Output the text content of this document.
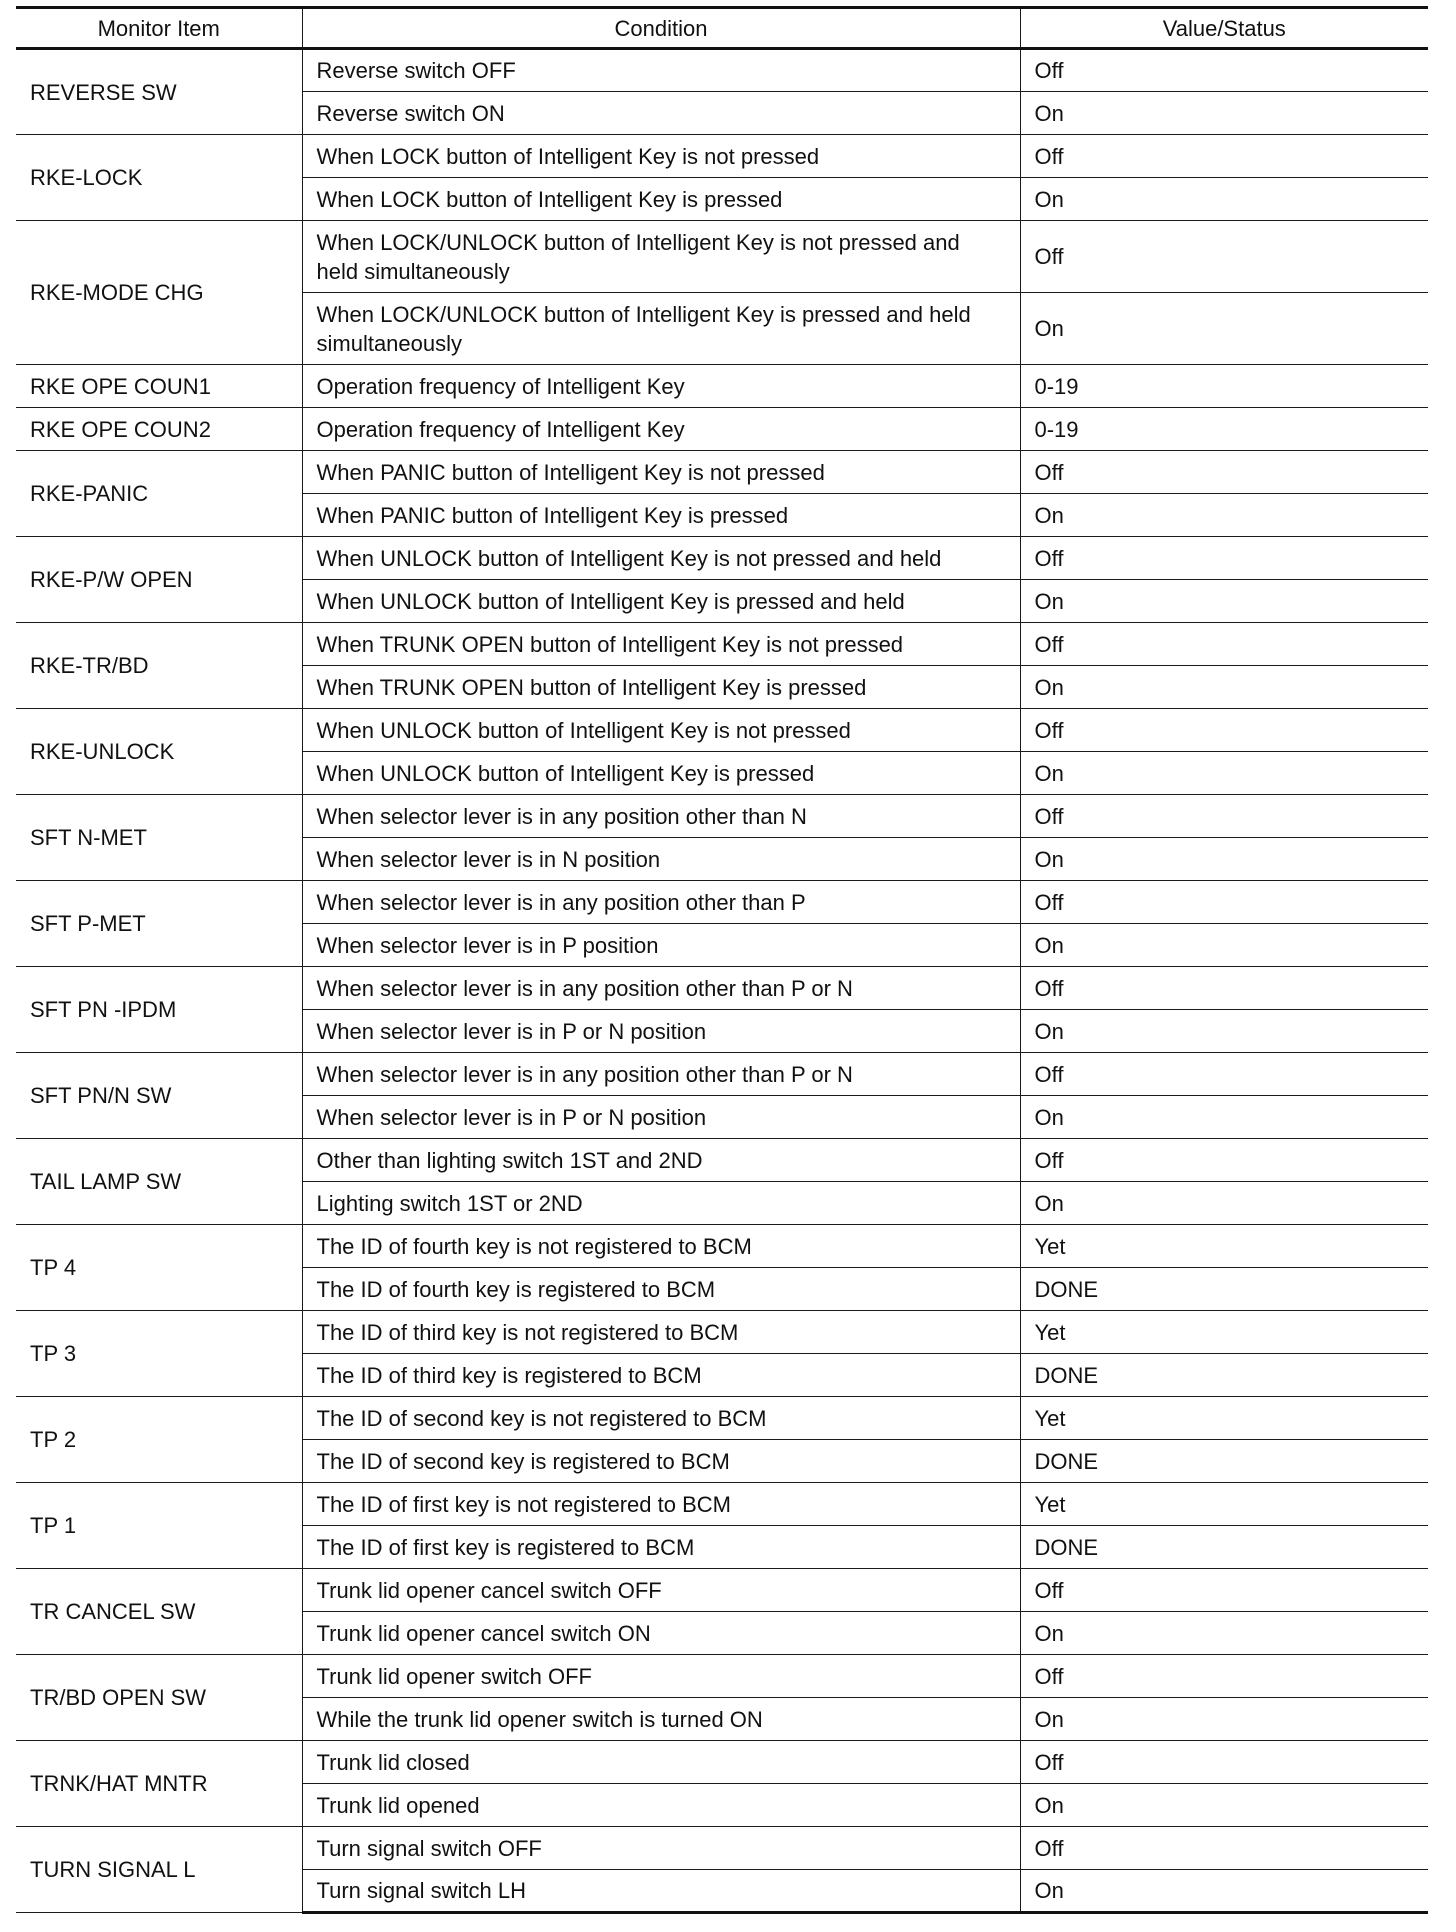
Monitor Item	Condition	Value/Status
REVERSE SW	Reverse switch OFF	Off
	Reverse switch ON	On
RKE-LOCK	When LOCK button of Intelligent Key is not pressed	Off
	When LOCK button of Intelligent Key is pressed	On
RKE-MODE CHG	When LOCK/UNLOCK button of Intelligent Key is not pressed and held simultaneously	Off
	When LOCK/UNLOCK button of Intelligent Key is pressed and held simultaneously	On
RKE OPE COUN1	Operation frequency of Intelligent Key	0-19
RKE OPE COUN2	Operation frequency of Intelligent Key	0-19
RKE-PANIC	When PANIC button of Intelligent Key is not pressed	Off
	When PANIC button of Intelligent Key is pressed	On
RKE-P/W OPEN	When UNLOCK button of Intelligent Key is not pressed and held	Off
	When UNLOCK button of Intelligent Key is pressed and held	On
RKE-TR/BD	When TRUNK OPEN button of Intelligent Key is not pressed	Off
	When TRUNK OPEN button of Intelligent Key is pressed	On
RKE-UNLOCK	When UNLOCK button of Intelligent Key is not pressed	Off
	When UNLOCK button of Intelligent Key is pressed	On
SFT N-MET	When selector lever is in any position other than N	Off
	When selector lever is in N position	On
SFT P-MET	When selector lever is in any position other than P	Off
	When selector lever is in P position	On
SFT PN -IPDM	When selector lever is in any position other than P or N	Off
	When selector lever is in P or N position	On
SFT PN/N SW	When selector lever is in any position other than P or N	Off
	When selector lever is in P or N position	On
TAIL LAMP SW	Other than lighting switch 1ST and 2ND	Off
	Lighting switch 1ST or 2ND	On
TP 4	The ID of fourth key is not registered to BCM	Yet
	The ID of fourth key is registered to BCM	DONE
TP 3	The ID of third key is not registered to BCM	Yet
	The ID of third key is registered to BCM	DONE
TP 2	The ID of second key is not registered to BCM	Yet
	The ID of second key is registered to BCM	DONE
TP 1	The ID of first key is not registered to BCM	Yet
	The ID of first key is registered to BCM	DONE
TR CANCEL SW	Trunk lid opener cancel switch OFF	Off
	Trunk lid opener cancel switch ON	On
TR/BD OPEN SW	Trunk lid opener switch OFF	Off
	While the trunk lid opener switch is turned ON	On
TRNK/HAT MNTR	Trunk lid closed	Off
	Trunk lid opened	On
TURN SIGNAL L	Turn signal switch OFF	Off
	Turn signal switch LH	On
